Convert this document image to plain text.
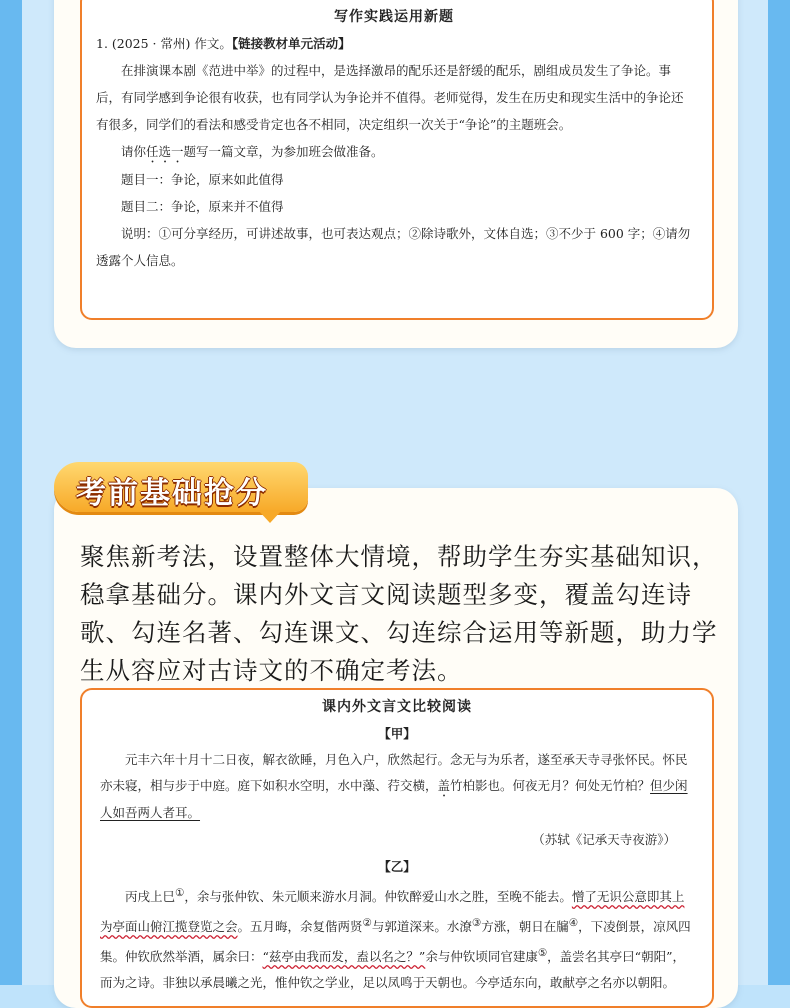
写作实践运用新题

1. (2025 · 常州) 作文。【链接教材单元活动】

在排演课本剧《范进中举》的过程中，是选择激昂的配乐还是舒缓的配乐，剧组成员发生了争论。事后，有同学感到争论很有收获，也有同学认为争论并不值得。老师觉得，发生在历史和现实生活中的争论还有很多，同学们的看法和感受肯定也各不相同，决定组织一次关于“争论”的主题班会。

请你任选一题写一篇文章，为参加班会做准备。

题目一：争论，原来如此值得

题目二：争论，原来并不值得

说明：①可分享经历，可讲述故事，也可表达观点；②除诗歌外，文体自选；③不少于 600 字；④请勿透露个人信息。

考前基础抢分
聚焦新考法，设置整体大情境，帮助学生夯实基础知识，稳拿基础分。课内外文言文阅读题型多变，覆盖勾连诗歌、勾连名著、勾连课文、勾连综合运用等新题，助力学生从容应对古诗文的不确定考法。
课内外文言文比较阅读
【甲】

元丰六年十月十二日夜，解衣欲睡，月色入户，欣然起行。念无与为乐者，遂至承天寺寻张怀民。怀民亦未寝，相与步于中庭。庭下如积水空明，水中藻、荇交横，盖竹柏影也。何夜无月？何处无竹柏？但少闲人如吾两人者耳。

（苏轼《记承天寺夜游》）

【乙】

丙戌上巳①，余与张仲钦、朱元顺来游水月洞。仲钦醉爱山水之胜，至晚不能去。憎了无识公意即其上为亭面山俯江揽登览之会。五月晦，余复偕两贤②与郭道深来。水潦③方涨，朝日在牖④，下凌倒景，凉风四集。仲钦欣然举酒，属余曰：“兹亭由我而发，盍以名之？”余与仲钦顷同官建康⑤，盖尝名其亭曰“朝阳”，而为之诗。非独以承晨曦之光，惟仲钦之学业，足以凤鸣于天朝也。今亭适东向，敢献亭之名亦以朝阳。
